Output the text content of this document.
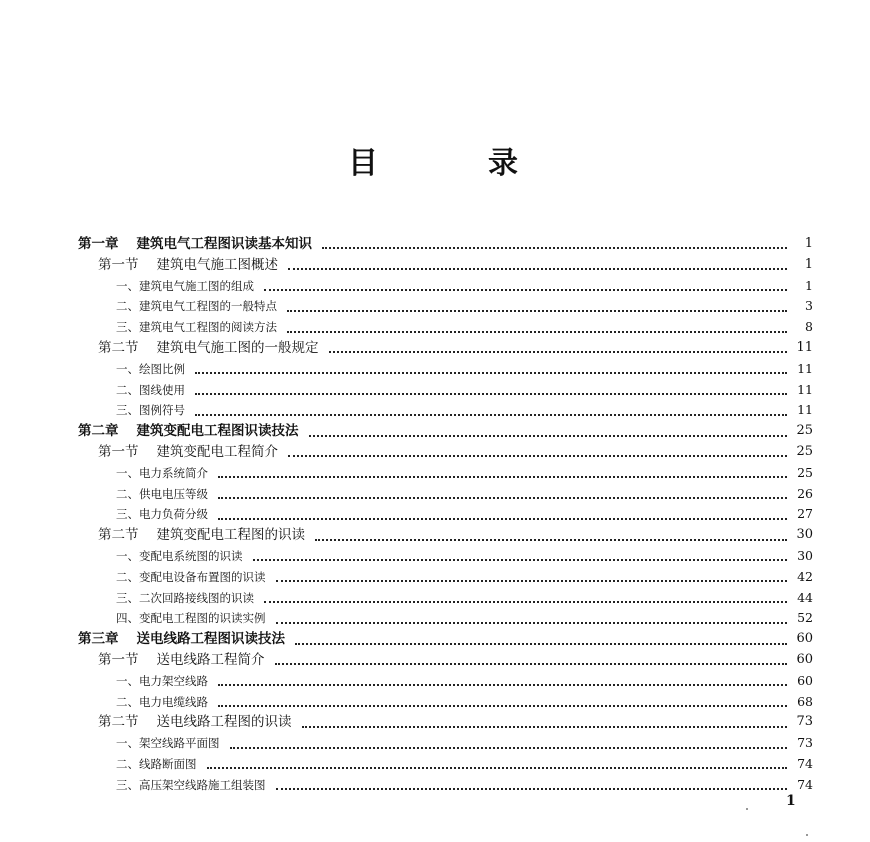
目	录
第一章 建筑电气工程图识读基本知识	1
第一节 建筑电气施工图概述	1
一、建筑电气施工图的组成	1
二、建筑电气工程图的一般特点	3
三、建筑电气工程图的阅读方法	8
第二节 建筑电气施工图的一般规定	11
一、绘图比例	11
二、图线使用	11
三、图例符号	11
第二章 建筑变配电工程图识读技法	25
第一节 建筑变配电工程简介	25
一、电力系统简介	25
二、供电电压等级	26
三、电力负荷分级	27
第二节 建筑变配电工程图的识读	30
一、变配电系统图的识读	30
二、变配电设备布置图的识读	42
三、二次回路接线图的识读	44
四、变配电工程图的识读实例	52
第三章 送电线路工程图识读技法	60
第一节 送电线路工程简介	60
一、电力架空线路	60
二、电力电缆线路	68
第二节 送电线路工程图的识读	73
一、架空线路平面图	73
二、线路断面图	74
三、高压架空线路施工组装图	74
1
